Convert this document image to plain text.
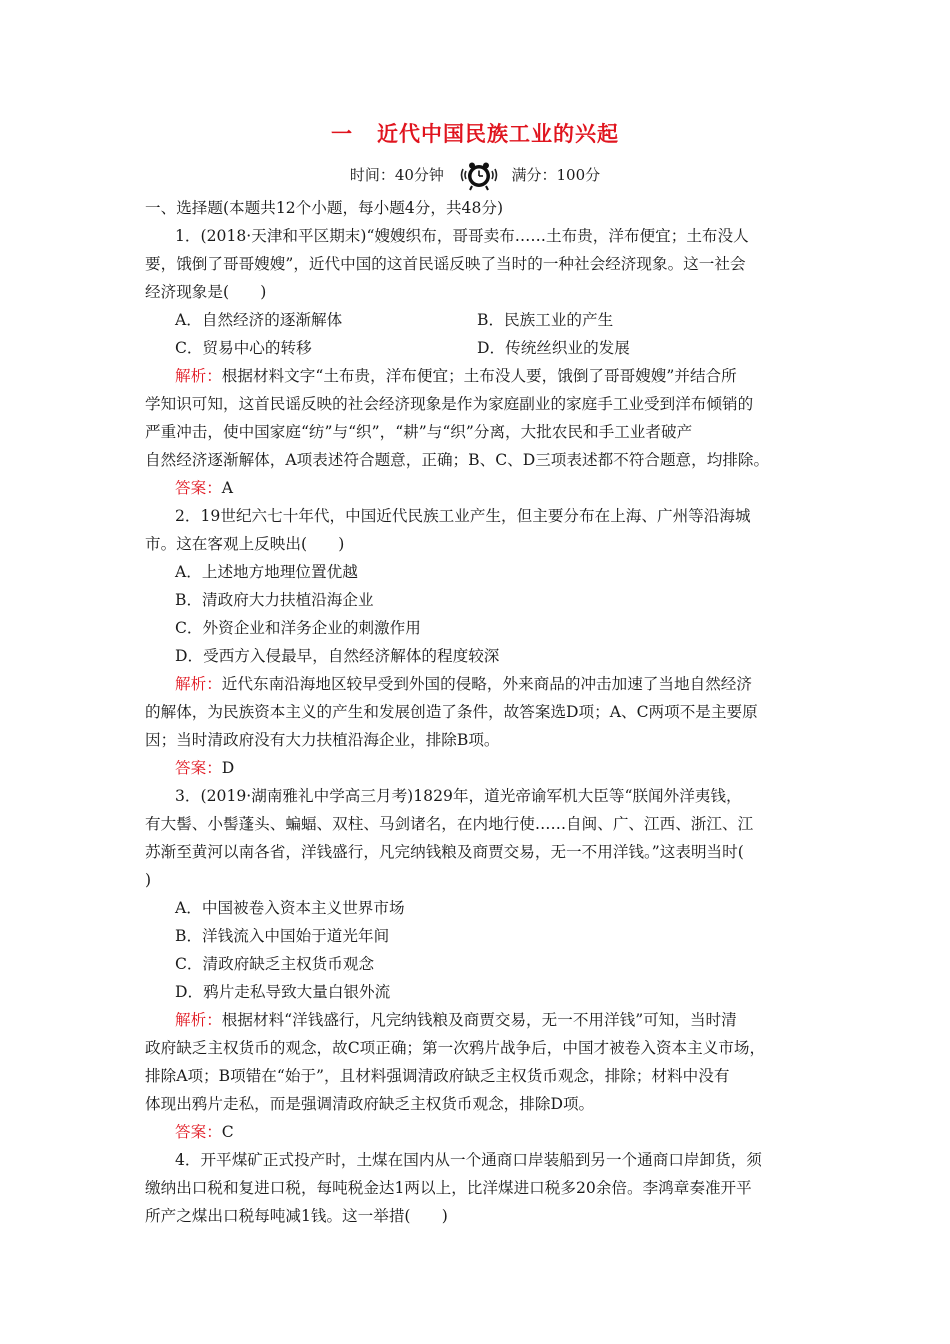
一 近代中国民族工业的兴起
时间：40分钟	满分：100分
一、选择题(本题共12个小题，每小题4分，共48分)
1．(2018·天津和平区期末)“嫂嫂织布，哥哥卖布……土布贵，洋布便宜；土布没人
要，饿倒了哥哥嫂嫂”，近代中国的这首民谣反映了当时的一种社会经济现象。这一社会
经济现象是(　　)
A．自然经济的逐渐解体	B．民族工业的产生
C．贸易中心的转移	D．传统丝织业的发展
解析：根据材料文字“土布贵，洋布便宜；土布没人要，饿倒了哥哥嫂嫂”并结合所
学知识可知，这首民谣反映的社会经济现象是作为家庭副业的家庭手工业受到洋布倾销的
严重冲击，使中国家庭“纺”与“织”，“耕”与“织”分离，大批农民和手工业者破产
自然经济逐渐解体，A项表述符合题意，正确；B、C、D三项表述都不符合题意，均排除。
答案：A
2．19世纪六七十年代，中国近代民族工业产生，但主要分布在上海、广州等沿海城
市。这在客观上反映出(　　)
A．上述地方地理位置优越
B．清政府大力扶植沿海企业
C．外资企业和洋务企业的刺激作用
D．受西方入侵最早，自然经济解体的程度较深
解析：近代东南沿海地区较早受到外国的侵略，外来商品的冲击加速了当地自然经济
的解体，为民族资本主义的产生和发展创造了条件，故答案选D项；A、C两项不是主要原
因；当时清政府没有大力扶植沿海企业，排除B项。
答案：D
3．(2019·湖南雅礼中学高三月考)1829年，道光帝谕军机大臣等“朕闻外洋夷钱，
有大髻、小髻蓬头、蝙蝠、双柱、马剑诸名，在内地行使……自闽、广、江西、浙江、江
苏渐至黄河以南各省，洋钱盛行，凡完纳钱粮及商贾交易，无一不用洋钱。”这表明当时(
)
A．中国被卷入资本主义世界市场
B．洋钱流入中国始于道光年间
C．清政府缺乏主权货币观念
D．鸦片走私导致大量白银外流
解析：根据材料“洋钱盛行，凡完纳钱粮及商贾交易，无一不用洋钱”可知，当时清
政府缺乏主权货币的观念，故C项正确；第一次鸦片战争后，中国才被卷入资本主义市场，
排除A项；B项错在“始于”，且材料强调清政府缺乏主权货币观念，排除；材料中没有
体现出鸦片走私，而是强调清政府缺乏主权货币观念，排除D项。
答案：C
4．开平煤矿正式投产时，土煤在国内从一个通商口岸装船到另一个通商口岸卸货，须
缴纳出口税和复进口税，每吨税金达1两以上，比洋煤进口税多20余倍。李鸿章奏准开平
所产之煤出口税每吨减1钱。这一举措(　　)
